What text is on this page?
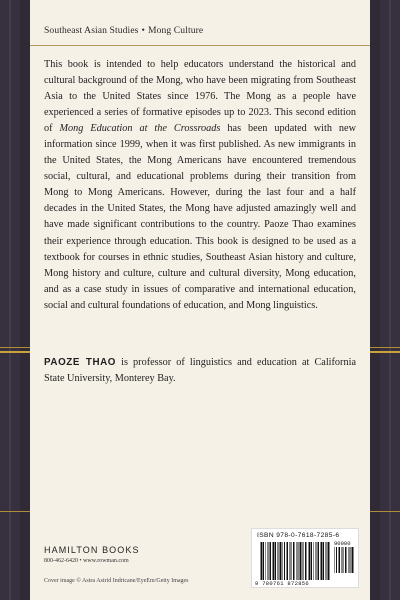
Southeast Asian Studies • Mong Culture

This book is intended to help educators understand the historical and cultural background of the Mong, who have been migrating from Southeast Asia to the United States since 1976. The Mong as a people have experienced a series of formative episodes up to 2023. This second edition of Mong Education at the Crossroads has been updated with new information since 1999, when it was first published. As new immigrants in the United States, the Mong Americans have encountered tremendous social, cultural, and educational problems during their transition from Mong to Mong Americans. However, during the last four and a half decades in the United States, the Mong have adjusted amazingly well and have made significant contributions to the country. Paoze Thao examines their experience through education. This book is designed to be used as a textbook for courses in ethnic studies, Southeast Asian history and culture, Mong history and culture, culture and cultural diversity, Mong education, and as a case study in issues of comparative and international education, social and cultural foundations of education, and Mong linguistics.

PAOZE THAO is professor of linguistics and education at California State University, Monterey Bay.

HAMILTON BOOKS
800-462-6420 • www.rowman.com
Cover image © Astra Astrid Indricane/EyeEm/Getty Images
ISBN 978-0-7618-7285-6
90000
9 780761 872856
